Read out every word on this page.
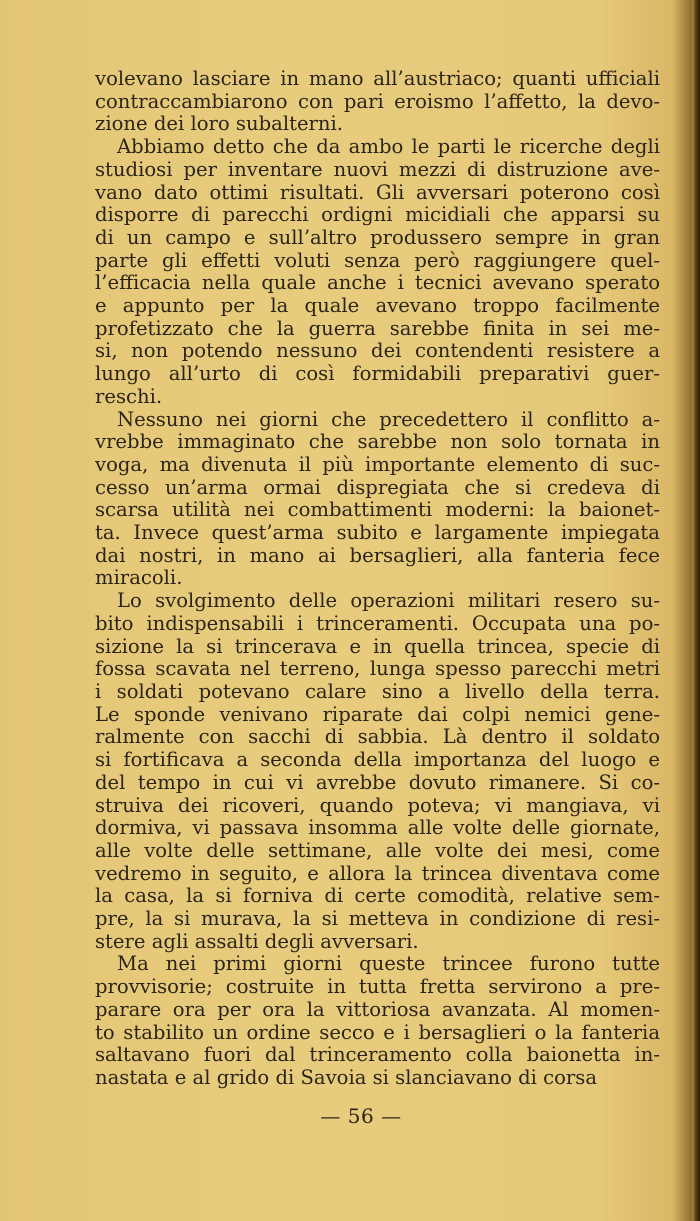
volevano lasciare in mano all’austriaco; quanti ufficiali
contraccambiarono con pari eroismo l’affetto, la devo-
zione dei loro subalterni.
Abbiamo detto che da ambo le parti le ricerche degli
studiosi per inventare nuovi mezzi di distruzione ave-
vano dato ottimi risultati. Gli avversari poterono così
disporre di parecchi ordigni micidiali che apparsi su
di un campo e sull’altro produssero sempre in gran
parte gli effetti voluti senza però raggiungere quel-
l’efficacia nella quale anche i tecnici avevano sperato
e appunto per la quale avevano troppo facilmente
profetizzato che la guerra sarebbe finita in sei me-
si, non potendo nessuno dei contendenti resistere a
lungo all’urto di così formidabili preparativi guer-
reschi.
Nessuno nei giorni che precedettero il conflitto a-
vrebbe immaginato che sarebbe non solo tornata in
voga, ma divenuta il più importante elemento di suc-
cesso un’arma ormai dispregiata che si credeva di
scarsa utilità nei combattimenti moderni: la baionet-
ta. Invece quest’arma subito e largamente impiegata
dai nostri, in mano ai bersaglieri, alla fanteria fece
miracoli.
Lo svolgimento delle operazioni militari resero su-
bito indispensabili i trinceramenti. Occupata una po-
sizione la si trincerava e in quella trincea, specie di
fossa scavata nel terreno, lunga spesso parecchi metri
i soldati potevano calare sino a livello della terra.
Le sponde venivano riparate dai colpi nemici gene-
ralmente con sacchi di sabbia. Là dentro il soldato
si fortificava a seconda della importanza del luogo e
del tempo in cui vi avrebbe dovuto rimanere. Si co-
struiva dei ricoveri, quando poteva; vi mangiava, vi
dormiva, vi passava insomma alle volte delle giornate,
alle volte delle settimane, alle volte dei mesi, come
vedremo in seguito, e allora la trincea diventava come
la casa, la si forniva di certe comodità, relative sem-
pre, la si murava, la si metteva in condizione di resi-
stere agli assalti degli avversari.
Ma nei primi giorni queste trincee furono tutte
provvisorie; costruite in tutta fretta servirono a pre-
parare ora per ora la vittoriosa avanzata. Al momen-
to stabilito un ordine secco e i bersaglieri o la fanteria
saltavano fuori dal trinceramento colla baionetta in-
nastata e al grido di Savoia si slanciavano di corsa
— 56 —
